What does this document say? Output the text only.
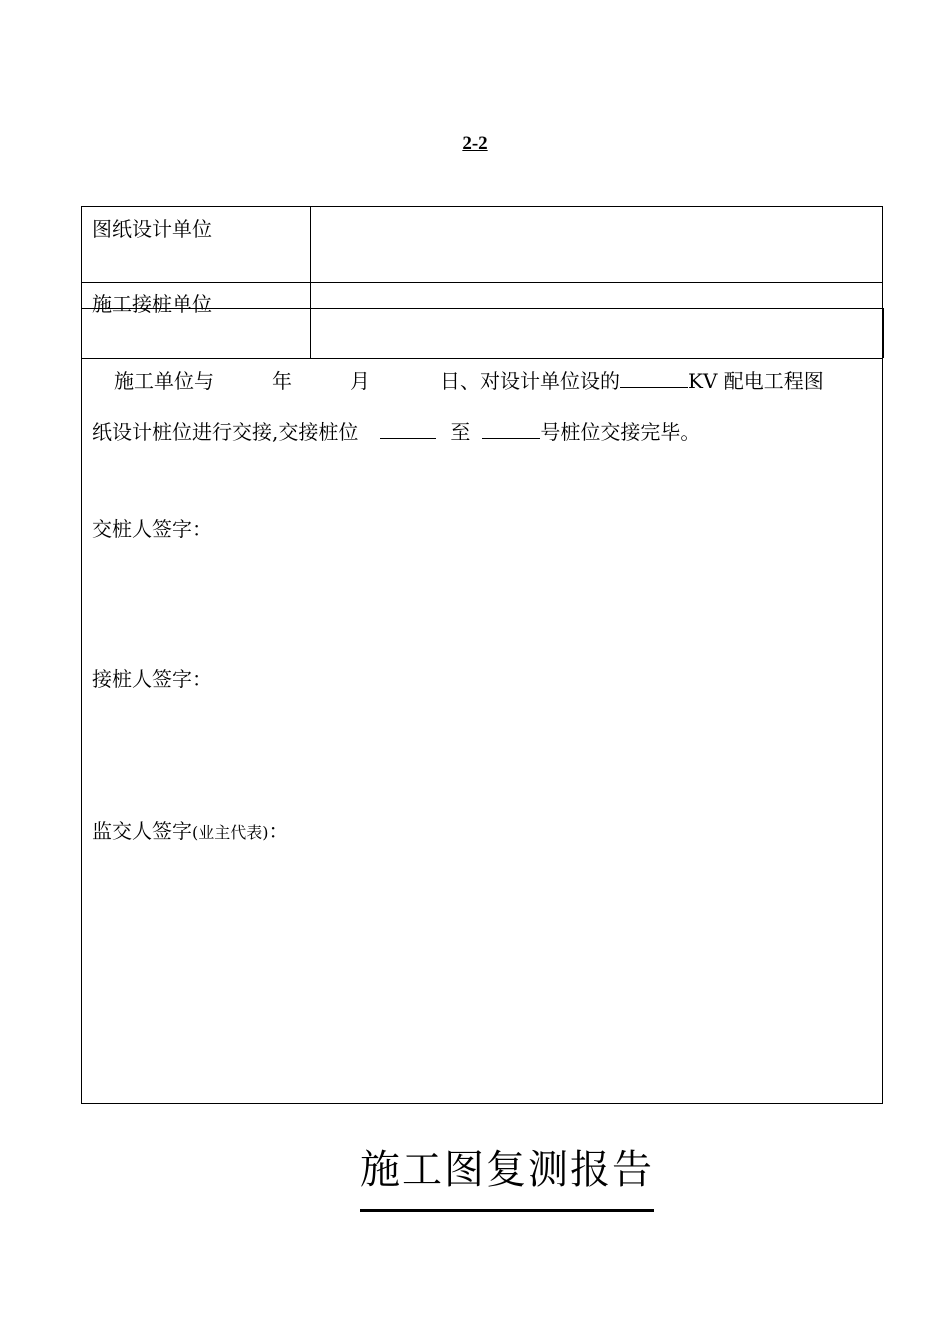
2-2
图纸设计单位
施工接桩单位
施工单位与	年	月	日、对设计单位设的	KV 配电工程图
纸设计桩位进行交接,交接桩位	至	号桩位交接完毕。
交桩人签字：
接桩人签字：
监交人签字(业主代表)：
施工图复测报告
